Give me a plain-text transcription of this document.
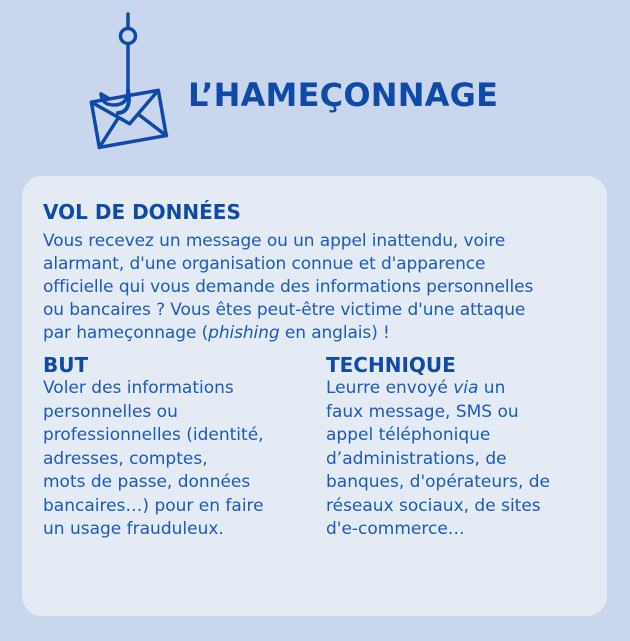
L’HAMEÇONNAGE
VOL DE DONNÉES

Vous recevez un message ou un appel inattendu, voire
alarmant, d'une organisation connue et d'apparence
officielle qui vous demande des informations personnelles
ou bancaires ? Vous êtes peut-être victime d'une attaque
par hameçonnage (phishing en anglais) !

BUT

Voler des informations
personnelles ou
professionnelles (identité,
adresses, comptes,
mots de passe, données
bancaires…) pour en faire
un usage frauduleux.

TECHNIQUE

Leurre envoyé via un
faux message, SMS ou
appel téléphonique
d’administrations, de
banques, d'opérateurs, de
réseaux sociaux, de sites
d'e-commerce…
